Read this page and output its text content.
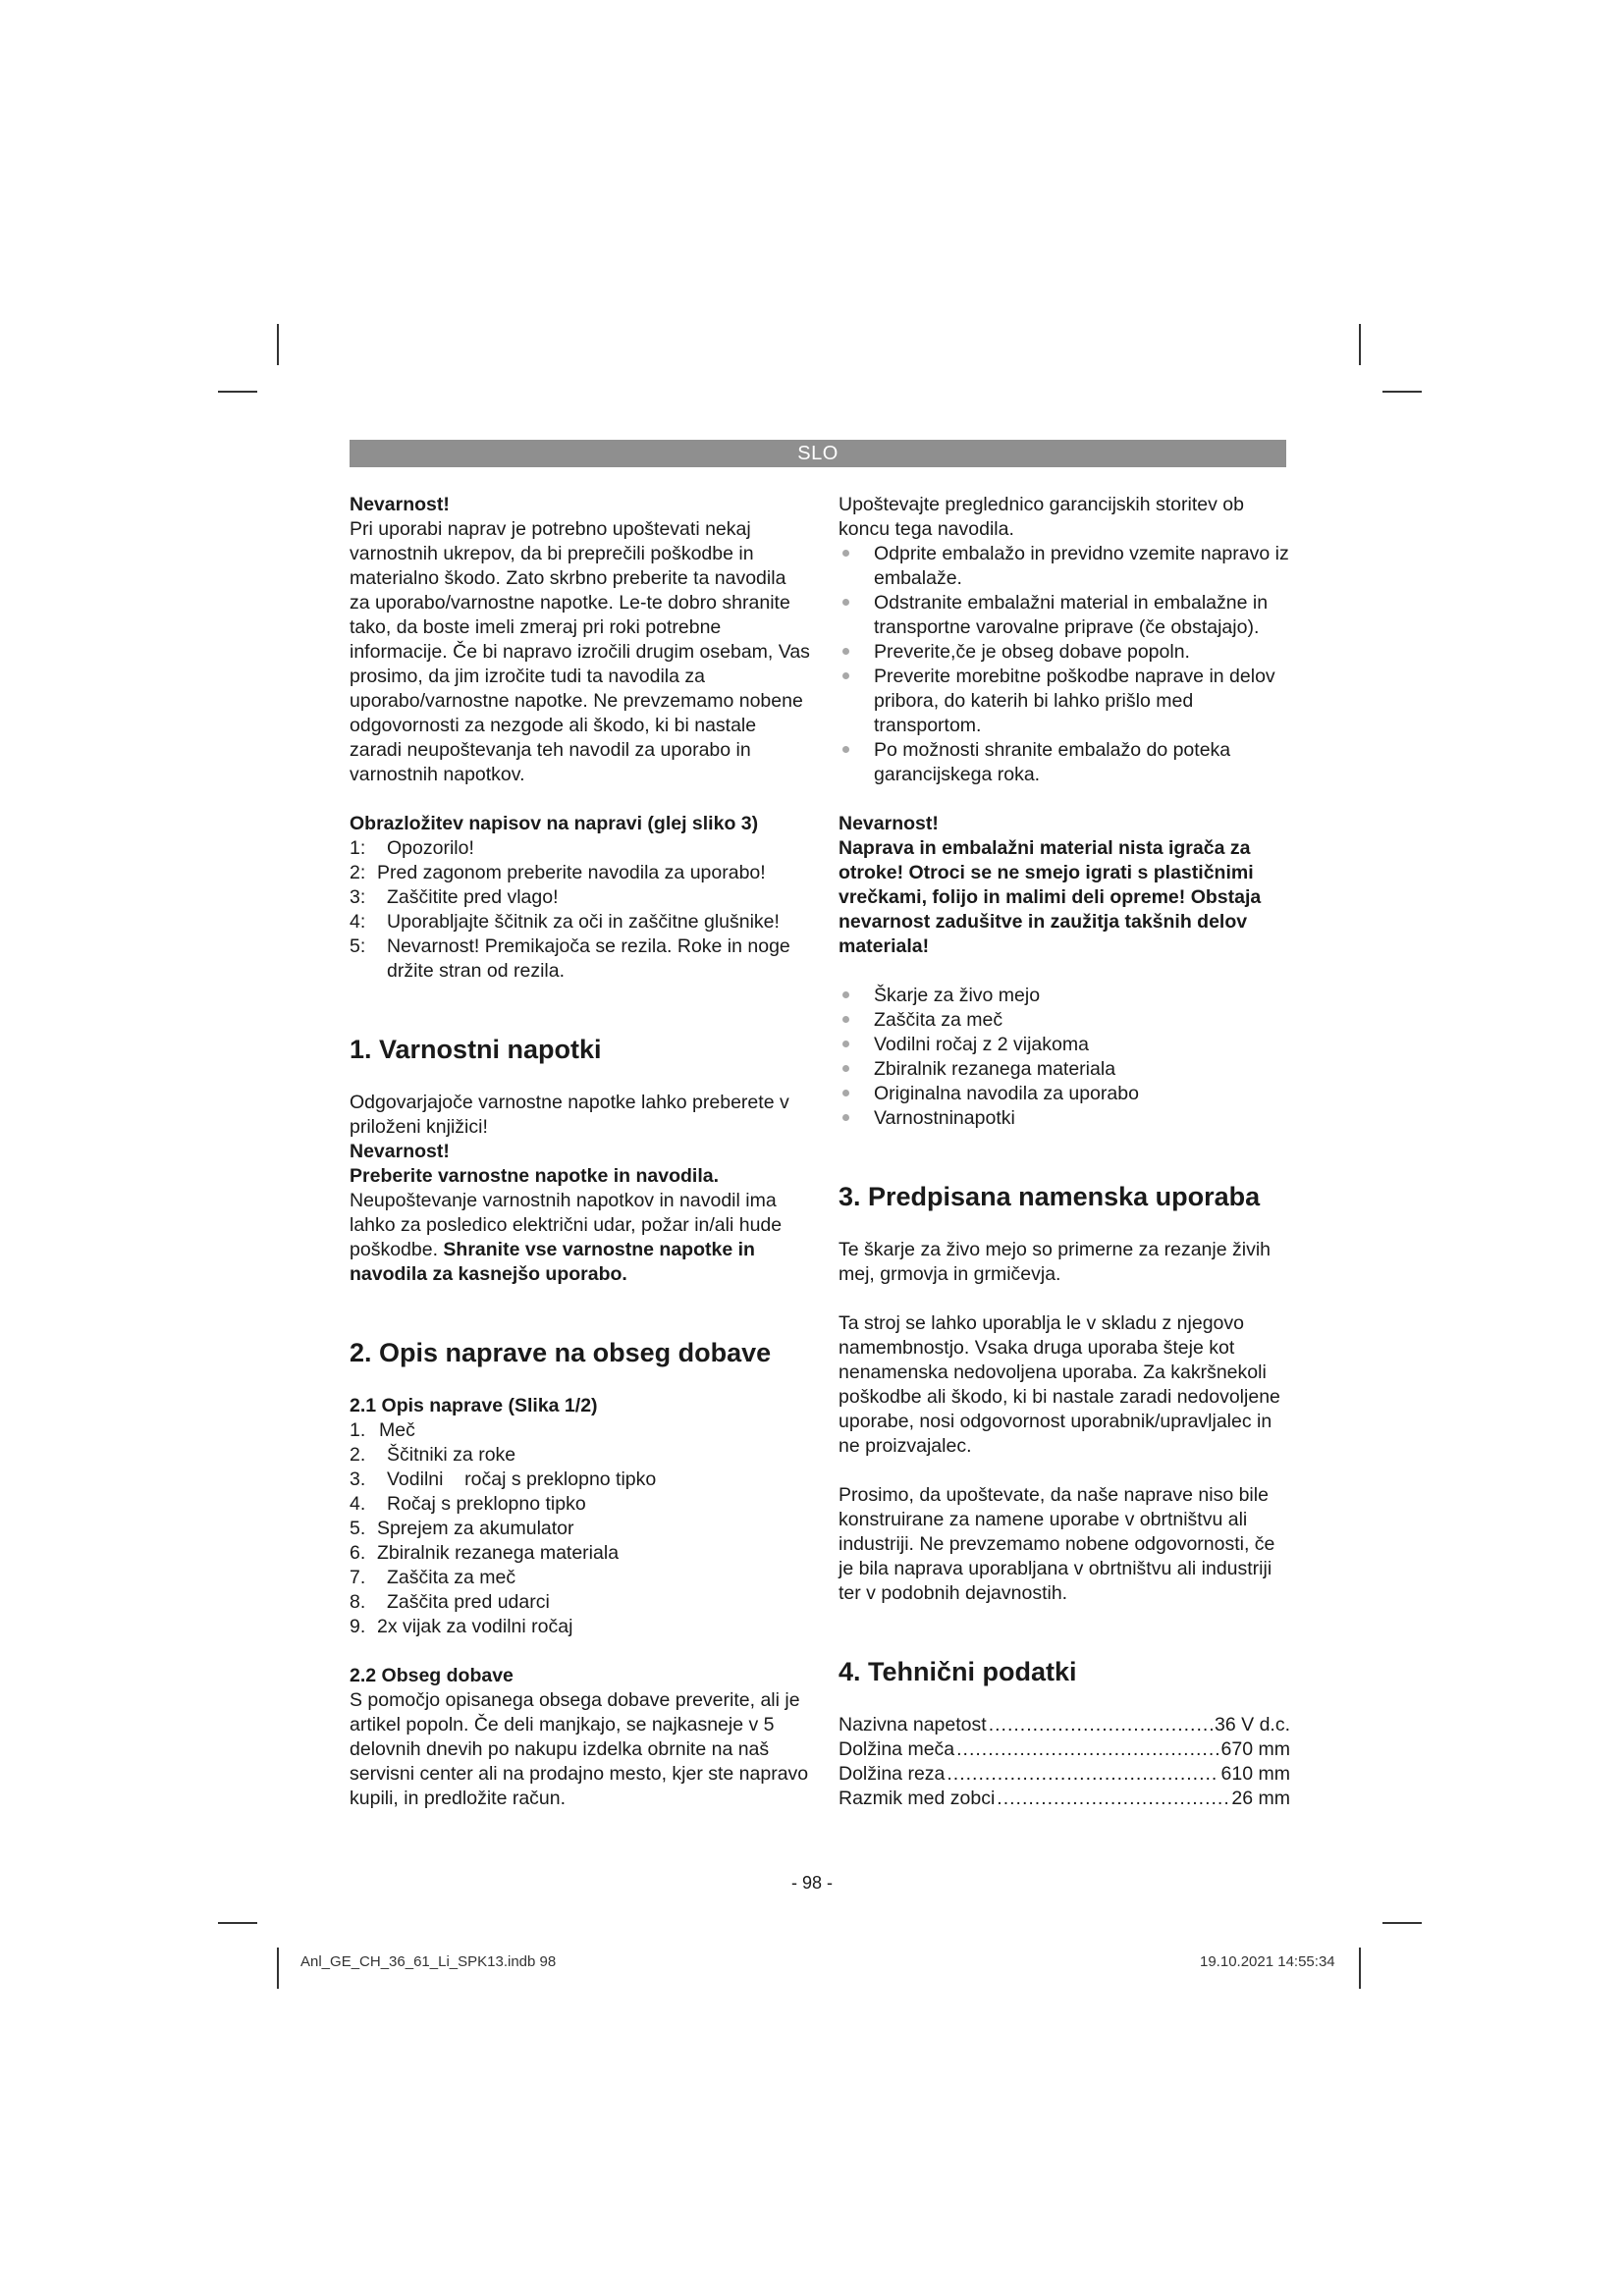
SLO

Nevarnost!

Pri uporabi naprav je potrebno upoštevati nekaj varnostnih ukrepov, da bi preprečili poškodbe in materialno škodo. Zato skrbno preberite ta navodila za uporabo/varnostne napotke. Le-te dobro shranite tako, da boste imeli zmeraj pri roki potrebne informacije. Če bi napravo izročili drugim osebam, Vas prosimo, da jim izročite tudi ta navodila za uporabo/varnostne napotke. Ne prevzemamo nobene odgovornosti za nezgode ali škodo, ki bi nastale zaradi neupoštevanja teh navodil za uporabo in varnostnih napotkov.

Obrazložitev napisov na napravi (glej sliko 3)

1:	Opozorilo!
2: Pred zagonom preberite navodila za uporabo!
3:	Zaščitite pred vlago!
4:	Uporabljajte ščitnik za oči in zaščitne glušnike!
5:	Nevarnost! Premikajoča se rezila. Roke in noge držite stran od rezila.

1. Varnostni napotki

Odgovarjajoče varnostne napotke lahko preberete v priloženi knjižici!

Nevarnost!

Preberite varnostne napotke in navodila.

Neupoštevanje varnostnih napotkov in navodil ima lahko za posledico električni udar, požar in/ali hude poškodbe. Shranite vse varnostne napotke in navodila za kasnejšo uporabo.

2. Opis naprave na obseg dobave

2.1 Opis naprave (Slika 1/2)

1. Meč
2.	Ščitniki za roke
3.	Vodilni    ročaj s preklopno tipko
4.	Ročaj s preklopno tipko
5. Sprejem za akumulator
6. Zbiralnik rezanega materiala
7.	Zaščita za meč
8.	Zaščita pred udarci
9. 2x vijak za vodilni ročaj

2.2 Obseg dobave

S pomočjo opisanega obsega dobave preverite, ali je artikel popoln. Če deli manjkajo, se najkasneje v 5 delovnih dnevih po nakupu izdelka obrnite na naš servisni center ali na prodajno mesto, kjer ste napravo kupili, in predložite račun.

Upoštevajte preglednico garancijskih storitev ob koncu tega navodila.

Odprite embalažo in previdno vzemite napravo iz embalaže.
Odstranite embalažni material in embalažne in transportne varovalne priprave (če obstajajo).
Preverite,če je obseg dobave popoln.
Preverite morebitne poškodbe naprave in delov pribora, do katerih bi lahko prišlo med transportom.
Po možnosti shranite embalažo do poteka garancijskega roka.

Nevarnost!

Naprava in embalažni material nista igrača za otroke! Otroci se ne smejo igrati s plastičnimi vrečkami, folijo in malimi deli opreme! Obstaja nevarnost zadušitve in zaužitja takšnih delov materiala!

Škarje za živo mejo
Zaščita za meč
Vodilni ročaj z 2 vijakoma
Zbiralnik rezanega materiala
Originalna navodila za uporabo
Varnostninapotki

3. Predpisana namenska uporaba

Te škarje za živo mejo so primerne za rezanje živih mej, grmovja in grmičevja.

Ta stroj se lahko uporablja le v skladu z njegovo namembnostjo. Vsaka druga uporaba šteje kot nenamenska nedovoljena uporaba. Za kakršnekoli poškodbe ali škodo, ki bi nastale zaradi nedovoljene uporabe, nosi odgovornost uporabnik/upravljalec in ne proizvajalec.

Prosimo, da upoštevate, da naše naprave niso bile konstruirane za namene uporabe v obrtništvu ali industriji. Ne prevzemamo nobene odgovornosti, če je bila naprava uporabljana v obrtništvu ali industriji ter v podobnih dejavnostih.

4. Tehnični podatki

Nazivna napetost .....	36 V d.c.
Dolžina meča .....	670 mm
Dolžina reza .....	610 mm
Razmik med zobci .....	26 mm
- 98 -
Anl_GE_CH_36_61_Li_SPK13.indb 98	19.10.2021 14:55:34
